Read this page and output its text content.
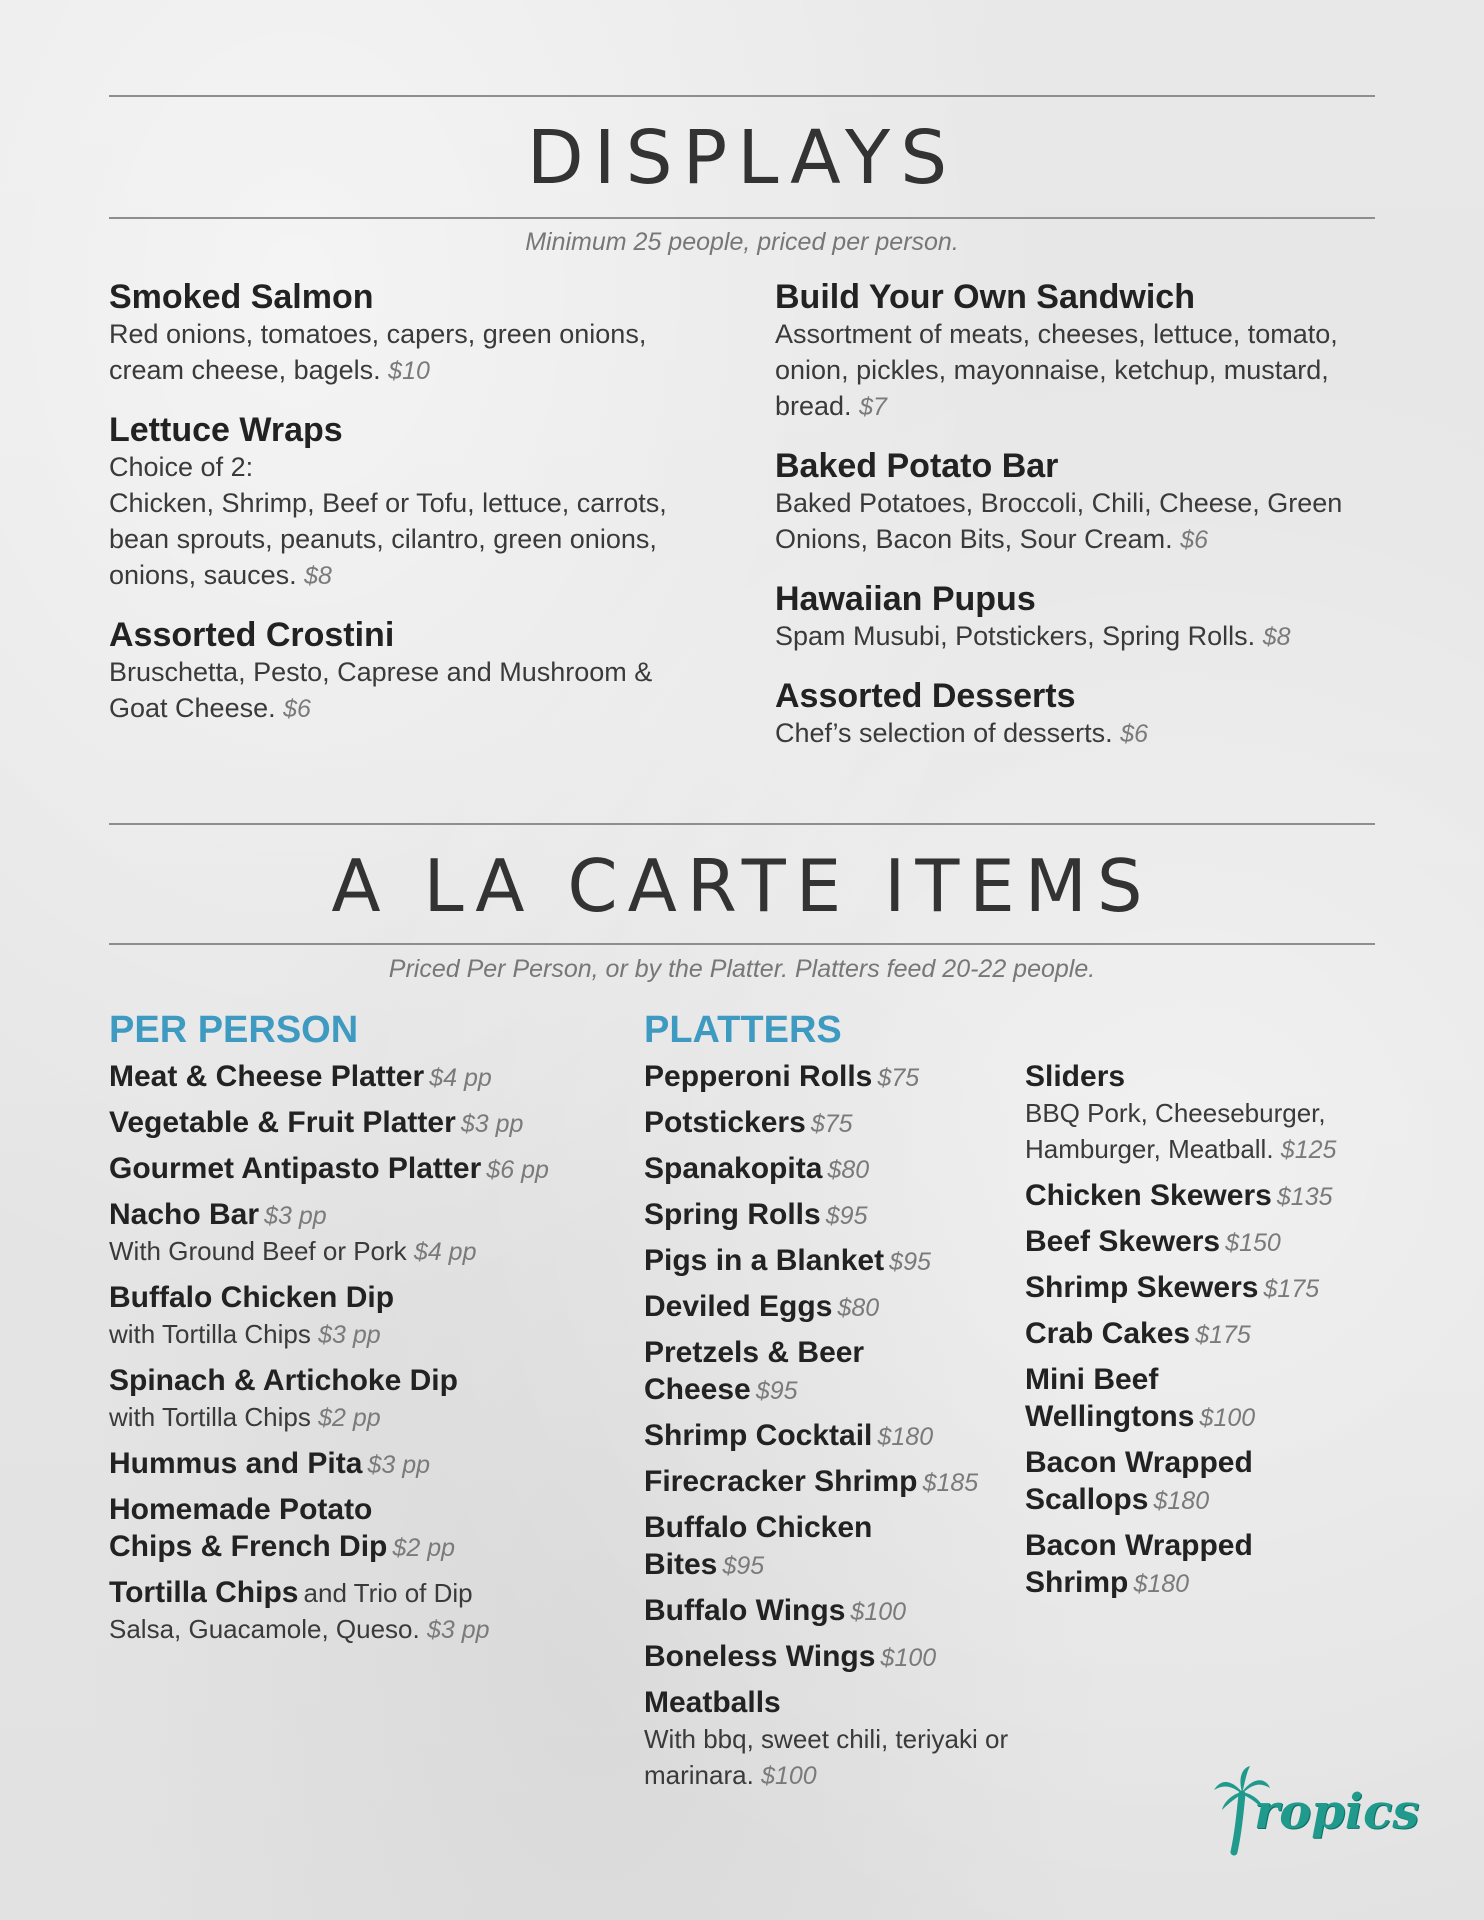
DISPLAYS
Minimum 25 people, priced per person.
Smoked Salmon
Red onions, tomatoes, capers, green onions, cream cheese, bagels. $10
Lettuce Wraps
Choice of 2:
Chicken, Shrimp, Beef or Tofu, lettuce, carrots, bean sprouts, peanuts, cilantro, green onions, onions, sauces. $8
Assorted Crostini
Bruschetta, Pesto, Caprese and Mushroom & Goat Cheese. $6
Build Your Own Sandwich
Assortment of meats, cheeses, lettuce, tomato, onion, pickles, mayonnaise, ketchup, mustard, bread. $7
Baked Potato Bar
Baked Potatoes, Broccoli, Chili, Cheese, Green Onions, Bacon Bits, Sour Cream. $6
Hawaiian Pupus
Spam Musubi, Potstickers, Spring Rolls. $8
Assorted Desserts
Chef’s selection of desserts. $6
A LA CARTE ITEMS
Priced Per Person, or by the Platter. Platters feed 20-22 people.
PER PERSON
Meat & Cheese Platter $4 pp
Vegetable & Fruit Platter $3 pp
Gourmet Antipasto Platter $6 pp
Nacho Bar $3 pp
With Ground Beef or Pork $4 pp
Buffalo Chicken Dip
with Tortilla Chips $3 pp
Spinach & Artichoke Dip
with Tortilla Chips $2 pp
Hummus and Pita $3 pp
Homemade Potato
Chips & French Dip $2 pp
Tortilla Chips and Trio of Dip
Salsa, Guacamole, Queso. $3 pp
PLATTERS
Pepperoni Rolls $75
Potstickers $75
Spanakopita $80
Spring Rolls $95
Pigs in a Blanket $95
Deviled Eggs $80
Pretzels & Beer
Cheese $95
Shrimp Cocktail $180
Firecracker Shrimp $185
Buffalo Chicken
Bites $95
Buffalo Wings $100
Boneless Wings $100
Meatballs
With bbq, sweet chili, teriyaki or marinara. $100
Sliders
BBQ Pork, Cheeseburger, Hamburger, Meatball. $125
Chicken Skewers $135
Beef Skewers $150
Shrimp Skewers $175
Crab Cakes $175
Mini Beef
Wellingtons $100
Bacon Wrapped
Scallops $180
Bacon Wrapped
Shrimp $180
ropics
